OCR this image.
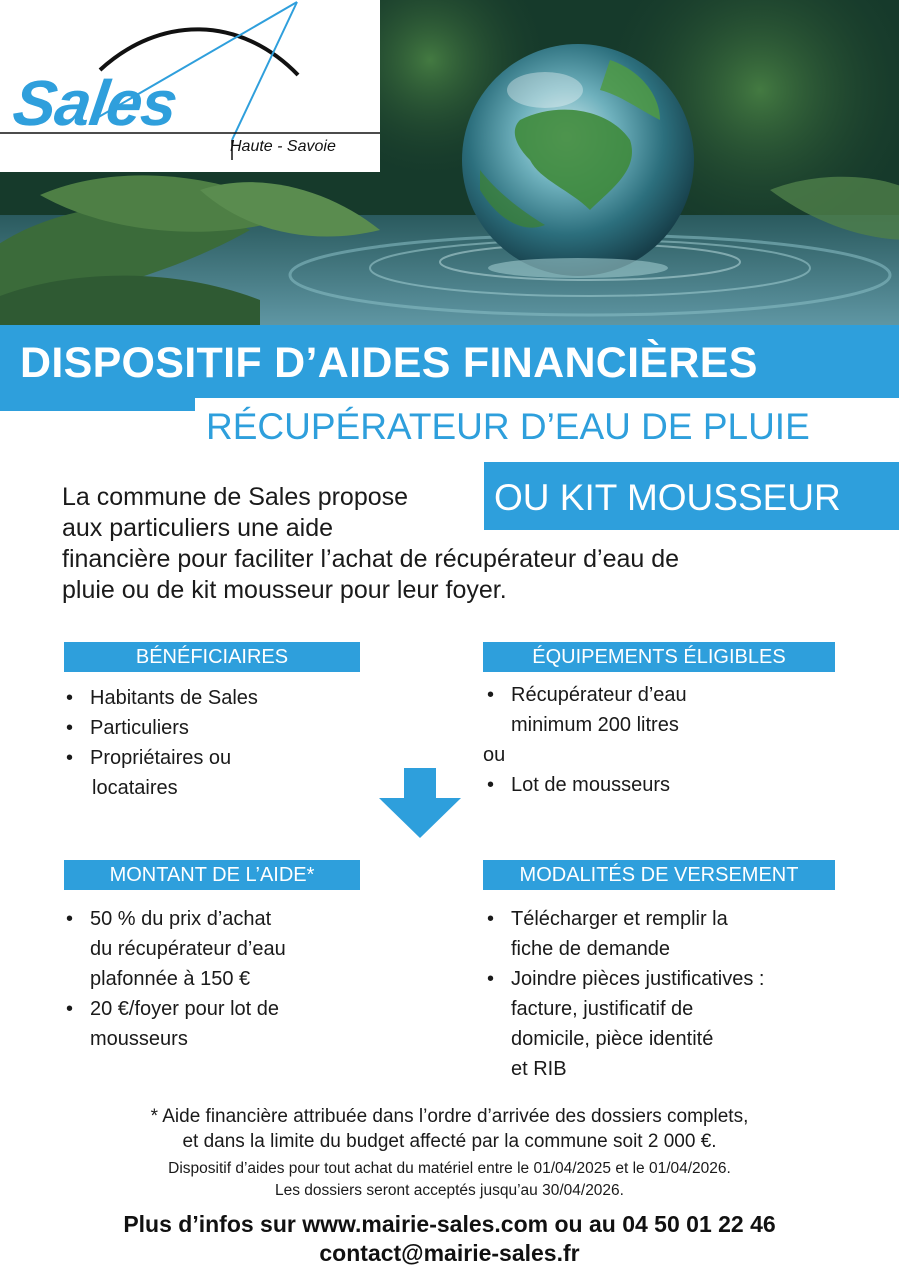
Sales
Haute - Savoie
DISPOSITIF D’AIDES FINANCIÈRES
RÉCUPÉRATEUR D’EAU DE PLUIE
OU KIT MOUSSEUR
La commune de Sales propose
aux particuliers une aide
financière pour faciliter l’achat de récupérateur d’eau de
pluie ou de kit mousseur pour leur foyer.
BÉNÉFICIAIRES
• Habitants de Sales
• Particuliers
• Propriétaires ou
locataires
ÉQUIPEMENTS ÉLIGIBLES
• Récupérateur d’eau
minimum 200 litres
ou
• Lot de mousseurs
MONTANT DE L’AIDE*
• 50 % du prix d’achat
du récupérateur d’eau
plafonnée à 150 €
• 20 €/foyer pour lot de
mousseurs
MODALITÉS DE VERSEMENT
• Télécharger et remplir la
fiche de demande
• Joindre pièces justificatives :
facture, justificatif de
domicile, pièce identité
et RIB
* Aide financière attribuée dans l’ordre d’arrivée des dossiers complets,
et dans la limite du budget affecté par la commune soit 2 000 €.
Dispositif d’aides pour tout achat du matériel entre le 01/04/2025 et le 01/04/2026.
Les dossiers seront acceptés jusqu’au 30/04/2026.
Plus d’infos sur www.mairie-sales.com ou au 04 50 01 22 46
contact@mairie-sales.fr
